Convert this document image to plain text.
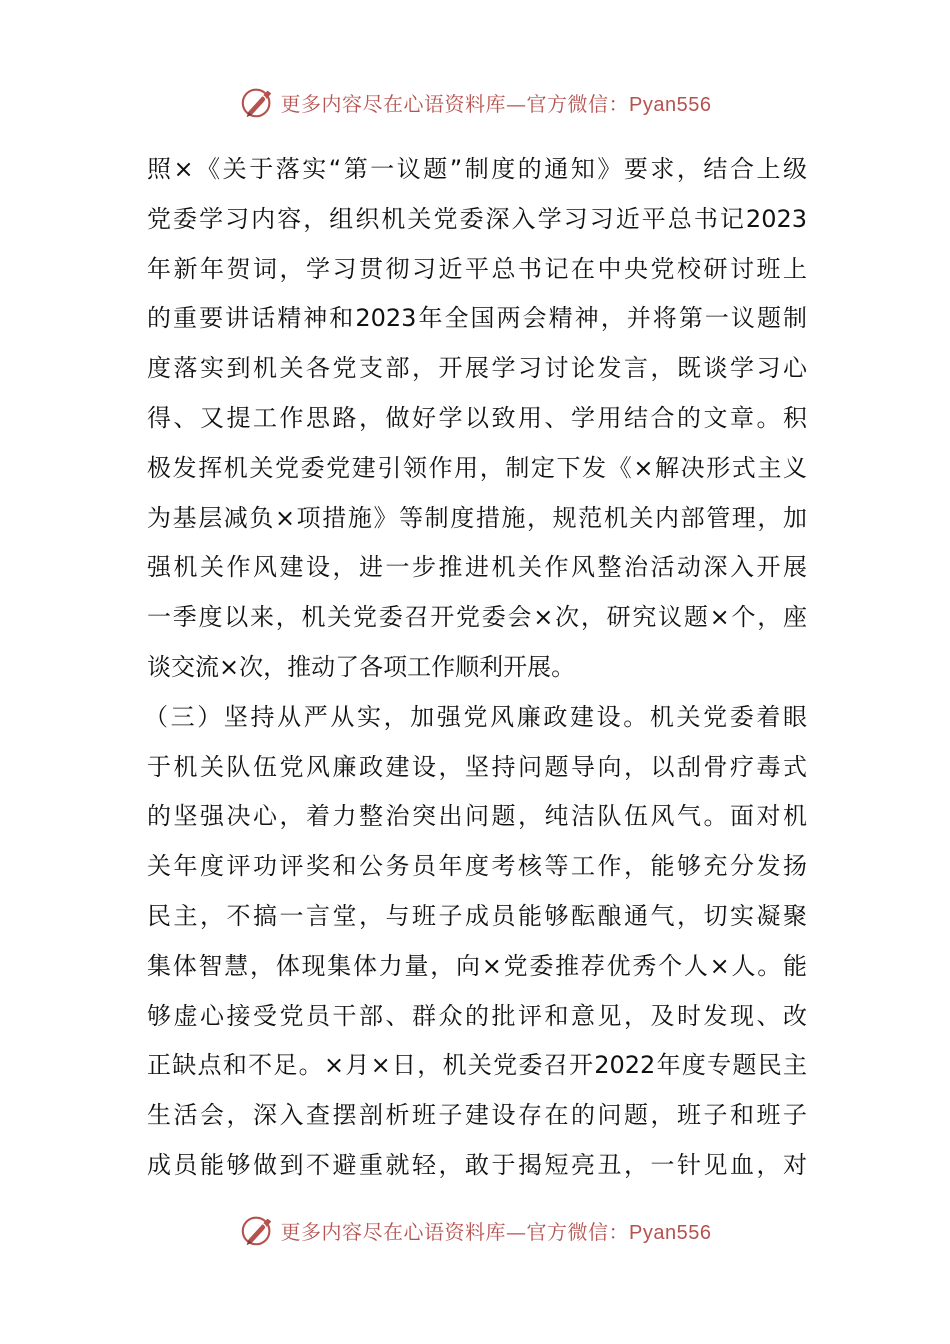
更多内容尽在心语资料库—官方微信：Pyan556
照×《关于落实“第一议题”制度的通知》要求，结合上级
党委学习内容，组织机关党委深入学习习近平总书记2023
年新年贺词，学习贯彻习近平总书记在中央党校研讨班上
的重要讲话精神和2023年全国两会精神，并将第一议题制
度落实到机关各党支部，开展学习讨论发言，既谈学习心
得、又提工作思路，做好学以致用、学用结合的文章。积
极发挥机关党委党建引领作用，制定下发《×解决形式主义
为基层减负×项措施》等制度措施，规范机关内部管理，加
强机关作风建设，进一步推进机关作风整治活动深入开展
一季度以来，机关党委召开党委会×次，研究议题×个，座
谈交流×次，推动了各项工作顺利开展。
（三）坚持从严从实，加强党风廉政建设。机关党委着眼
于机关队伍党风廉政建设，坚持问题导向，以刮骨疗毒式
的坚强决心，着力整治突出问题，纯洁队伍风气。面对机
关年度评功评奖和公务员年度考核等工作，能够充分发扬
民主，不搞一言堂，与班子成员能够酝酿通气，切实凝聚
集体智慧，体现集体力量，向×党委推荐优秀个人×人。能
够虚心接受党员干部、群众的批评和意见，及时发现、改
正缺点和不足。×月×日，机关党委召开2022年度专题民主
生活会，深入查摆剖析班子建设存在的问题，班子和班子
成员能够做到不避重就轻，敢于揭短亮丑，一针见血，对
更多内容尽在心语资料库—官方微信：Pyan556
